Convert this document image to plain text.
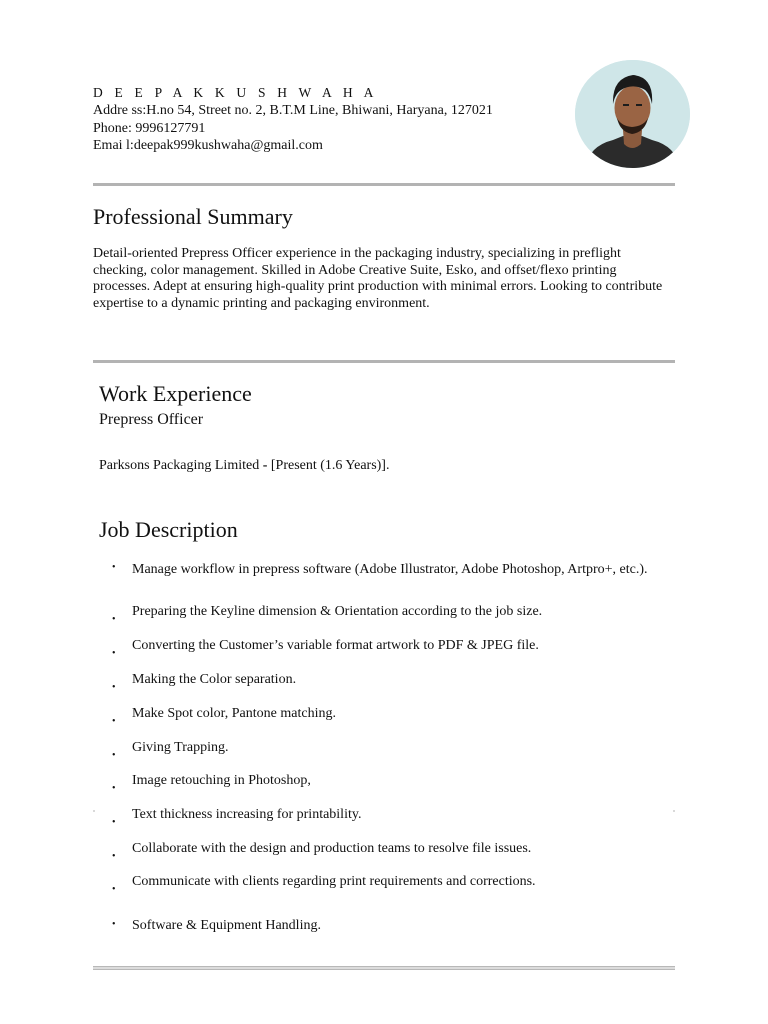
D E E P A K K U S H W A H A
Addre ss:H.no 54, Street no. 2, B.T.M Line, Bhiwani, Haryana, 127021
Phone: 9996127791
Emai l:deepak999kushwaha@gmail.com
Professional Summary
Detail-oriented Prepress Officer experience in the packaging industry, specializing in preflight checking, color management. Skilled in Adobe Creative Suite, Esko, and offset/flexo printing processes. Adept at ensuring high-quality print production with minimal errors. Looking to contribute expertise to a dynamic printing and packaging environment.
Work Experience
Prepress Officer
Parksons Packaging Limited - [Present (1.6 Years)].
Job Description
• Manage workflow in prepress software (Adobe Illustrator, Adobe Photoshop, Artpro+, etc.).
•
Preparing the Keyline dimension & Orientation according to the job size.
•
Converting the Customer’s variable format artwork to PDF & JPEG file.
•
Making the Color separation.
•
Make Spot color, Pantone matching.
•
Giving Trapping.
•
Image retouching in Photoshop,
•
Text thickness increasing for printability.
•
Collaborate with the design and production teams to resolve file issues.
•
Communicate with clients regarding print requirements and corrections.
• Software & Equipment Handling.
